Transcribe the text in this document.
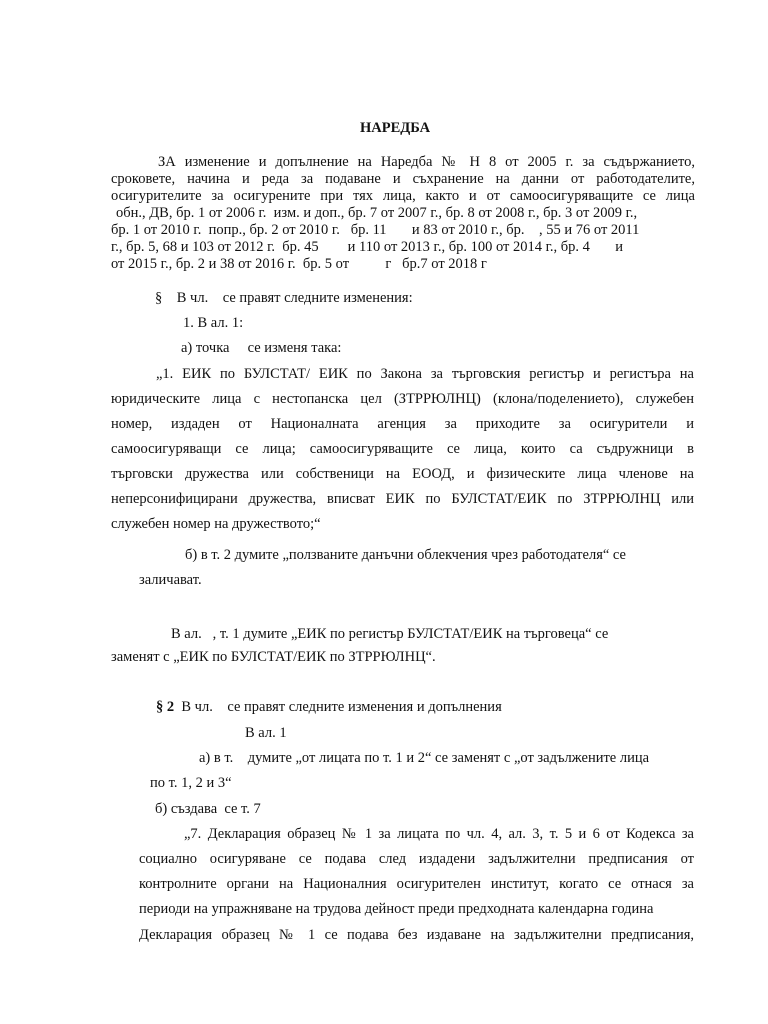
НАРЕДБА
ЗА изменение и допълнение на Наредба № Н 8 от 2005 г. за съдържанието,
сроковете, начина и реда за подаване и съхранение на данни от работодателите,
осигурителите за осигурените при тях лица, както и от самоосигуряващите се лица
обн., ДВ, бр. 1 от 2006 г.  изм. и доп., бр. 7 от 2007 г., бр. 8 от 2008 г., бр. 3 от 2009 г.,
бр. 1 от 2010 г.  попр., бр. 2 от 2010 г.   бр. 11       и 83 от 2010 г., бр.    , 55 и 76 от 2011
г., бр. 5, 68 и 103 от 2012 г.  бр. 45        и 110 от 2013 г., бр. 100 от 2014 г., бр. 4       и
от 2015 г., бр. 2 и 38 от 2016 г.  бр. 5 от          г   бр.7 от 2018 г
§    В чл.    се правят следните изменения:
1. В ал. 1:
а) точка     се изменя така:
„1. ЕИК по БУЛСТАТ/ ЕИК по Закона за търговския регистър и регистъра на
юридическите лица с нестопанска цел (ЗТРРЮЛНЦ) (клона/поделението), служебен
номер, издаден от Националната агенция за приходите за осигурители и
самоосигуряващи се лица; самоосигуряващите се лица, които са съдружници в
търговски дружества или собственици на ЕООД, и физическите лица членове на
неперсонифицирани дружества, вписват ЕИК по БУЛСТАТ/ЕИК по ЗТРРЮЛНЦ или
служебен номер на дружеството;“
б) в т. 2 думите „ползваните данъчни облекчения чрез работодателя“ се
заличават.
В ал.   , т. 1 думите „ЕИК по регистър БУЛСТАТ/ЕИК на търговеца“ се
заменят с „ЕИК по БУЛСТАТ/ЕИК по ЗТРРЮЛНЦ“.
§ 2  В чл.    се правят следните изменения и допълнения
В ал. 1
а) в т.    думите „от лицата по т. 1 и 2“ се заменят с „от задължените лица
по т. 1, 2 и 3“
б) създава  се т. 7
„7. Декларация образец № 1 за лицата по чл. 4, ал. 3, т. 5 и 6 от Кодекса за
социално осигуряване се подава след издадени задължителни предписания от
контролните органи на Националния осигурителен институт, когато се отнася за
периоди на упражняване на трудова дейност преди предходната календарна година
Декларация образец № 1 се подава без издаване на задължителни предписания,
